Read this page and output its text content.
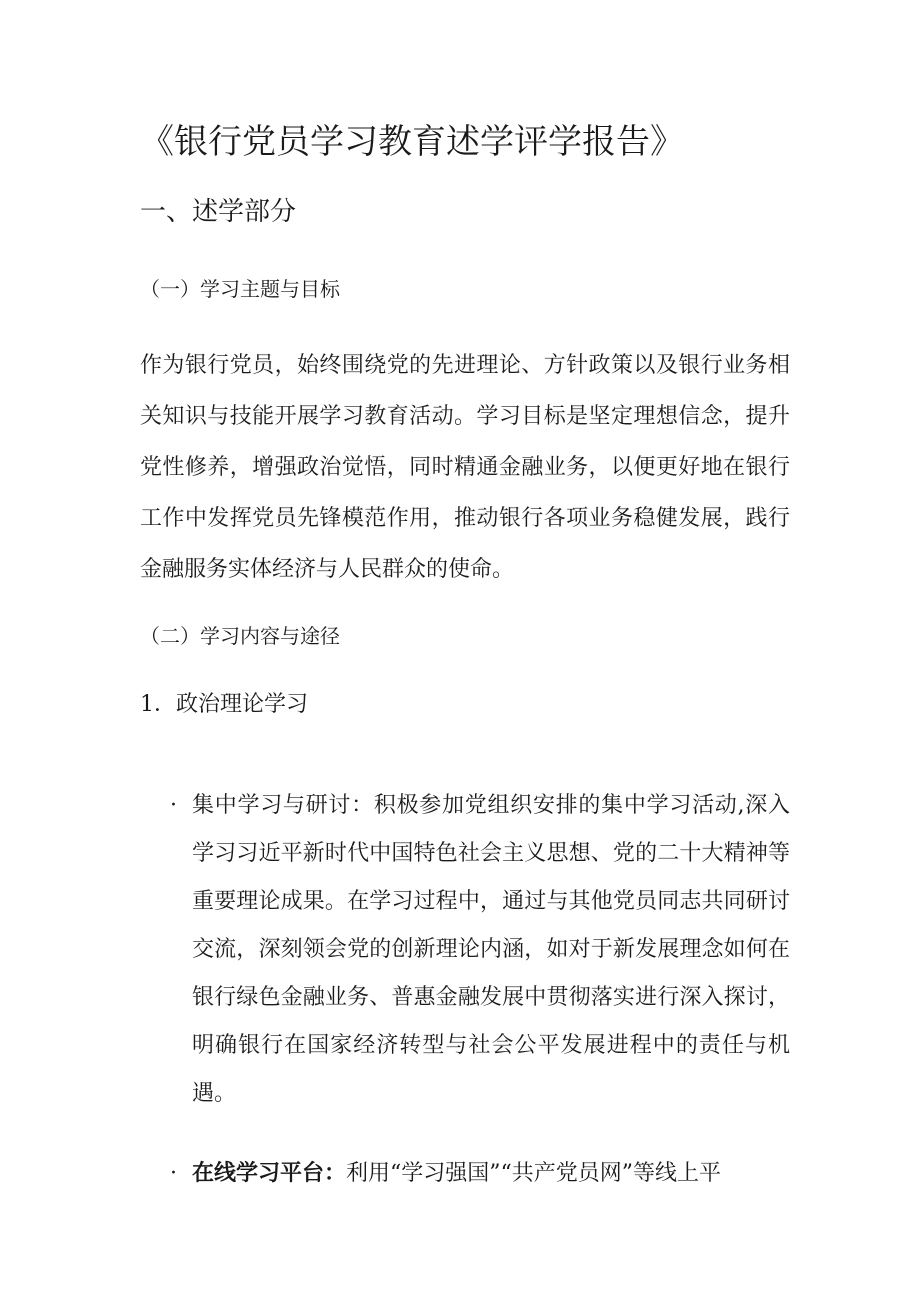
《银行党员学习教育述学评学报告》
一、述学部分
（一）学习主题与目标

作为银行党员，始终围绕党的先进理论、方针政策以及银行业务相关知识与技能开展学习教育活动。学习目标是坚定理想信念，提升党性修养，增强政治觉悟，同时精通金融业务，以便更好地在银行工作中发挥党员先锋模范作用，推动银行各项业务稳健发展，践行金融服务实体经济与人民群众的使命。

（二）学习内容与途径
1．政治理论学习
· 集中学习与研讨：积极参加党组织安排的集中学习活动,深入学习习近平新时代中国特色社会主义思想、党的二十大精神等重要理论成果。在学习过程中，通过与其他党员同志共同研讨交流，深刻领会党的创新理论内涵，如对于新发展理念如何在银行绿色金融业务、普惠金融发展中贯彻落实进行深入探讨，明确银行在国家经济转型与社会公平发展进程中的责任与机遇。

· 在线学习平台：利用“学习强国”“共产党员网”等线上平
